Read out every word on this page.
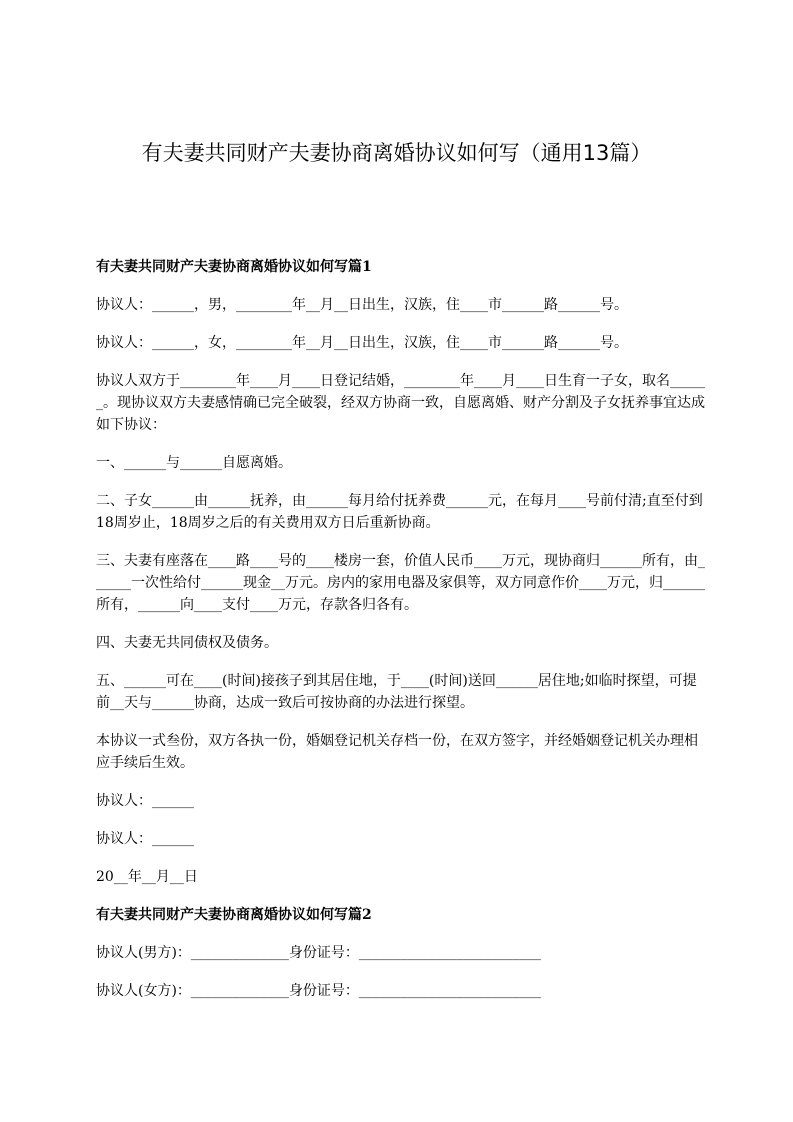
有夫妻共同财产夫妻协商离婚协议如何写（通用13篇）
有夫妻共同财产夫妻协商离婚协议如何写篇1
协议人：______，男，________年__月__日出生，汉族，住____市______路______号。
协议人：______，女，________年__月__日出生，汉族，住____市______路______号。
协议人双方于________年____月____日登记结婚，________年____月____日生育一子女，取名______。现协议双方夫妻感情确已完全破裂，经双方协商一致，自愿离婚、财产分割及子女抚养事宜达成如下协议：
一、______与______自愿离婚。
二、子女______由______抚养，由______每月给付抚养费______元，在每月____号前付清;直至付到18周岁止，18周岁之后的有关费用双方日后重新协商。
三、夫妻有座落在____路____号的____楼房一套，价值人民币____万元，现协商归______所有，由______一次性给付______现金__万元。房内的家用电器及家俱等，双方同意作价____万元，归______所有，______向____支付____万元，存款各归各有。
四、夫妻无共同债权及债务。
五、______可在____(时间)接孩子到其居住地，于____(时间)送回______居住地;如临时探望，可提前__天与______协商，达成一致后可按协商的办法进行探望。
本协议一式叁份，双方各执一份，婚姻登记机关存档一份，在双方签字，并经婚姻登记机关办理相应手续后生效。
协议人：______
协议人：______
20__年__月__日
有夫妻共同财产夫妻协商离婚协议如何写篇2
协议人(男方)：______________身份证号：__________________________
协议人(女方)：______________身份证号：__________________________
